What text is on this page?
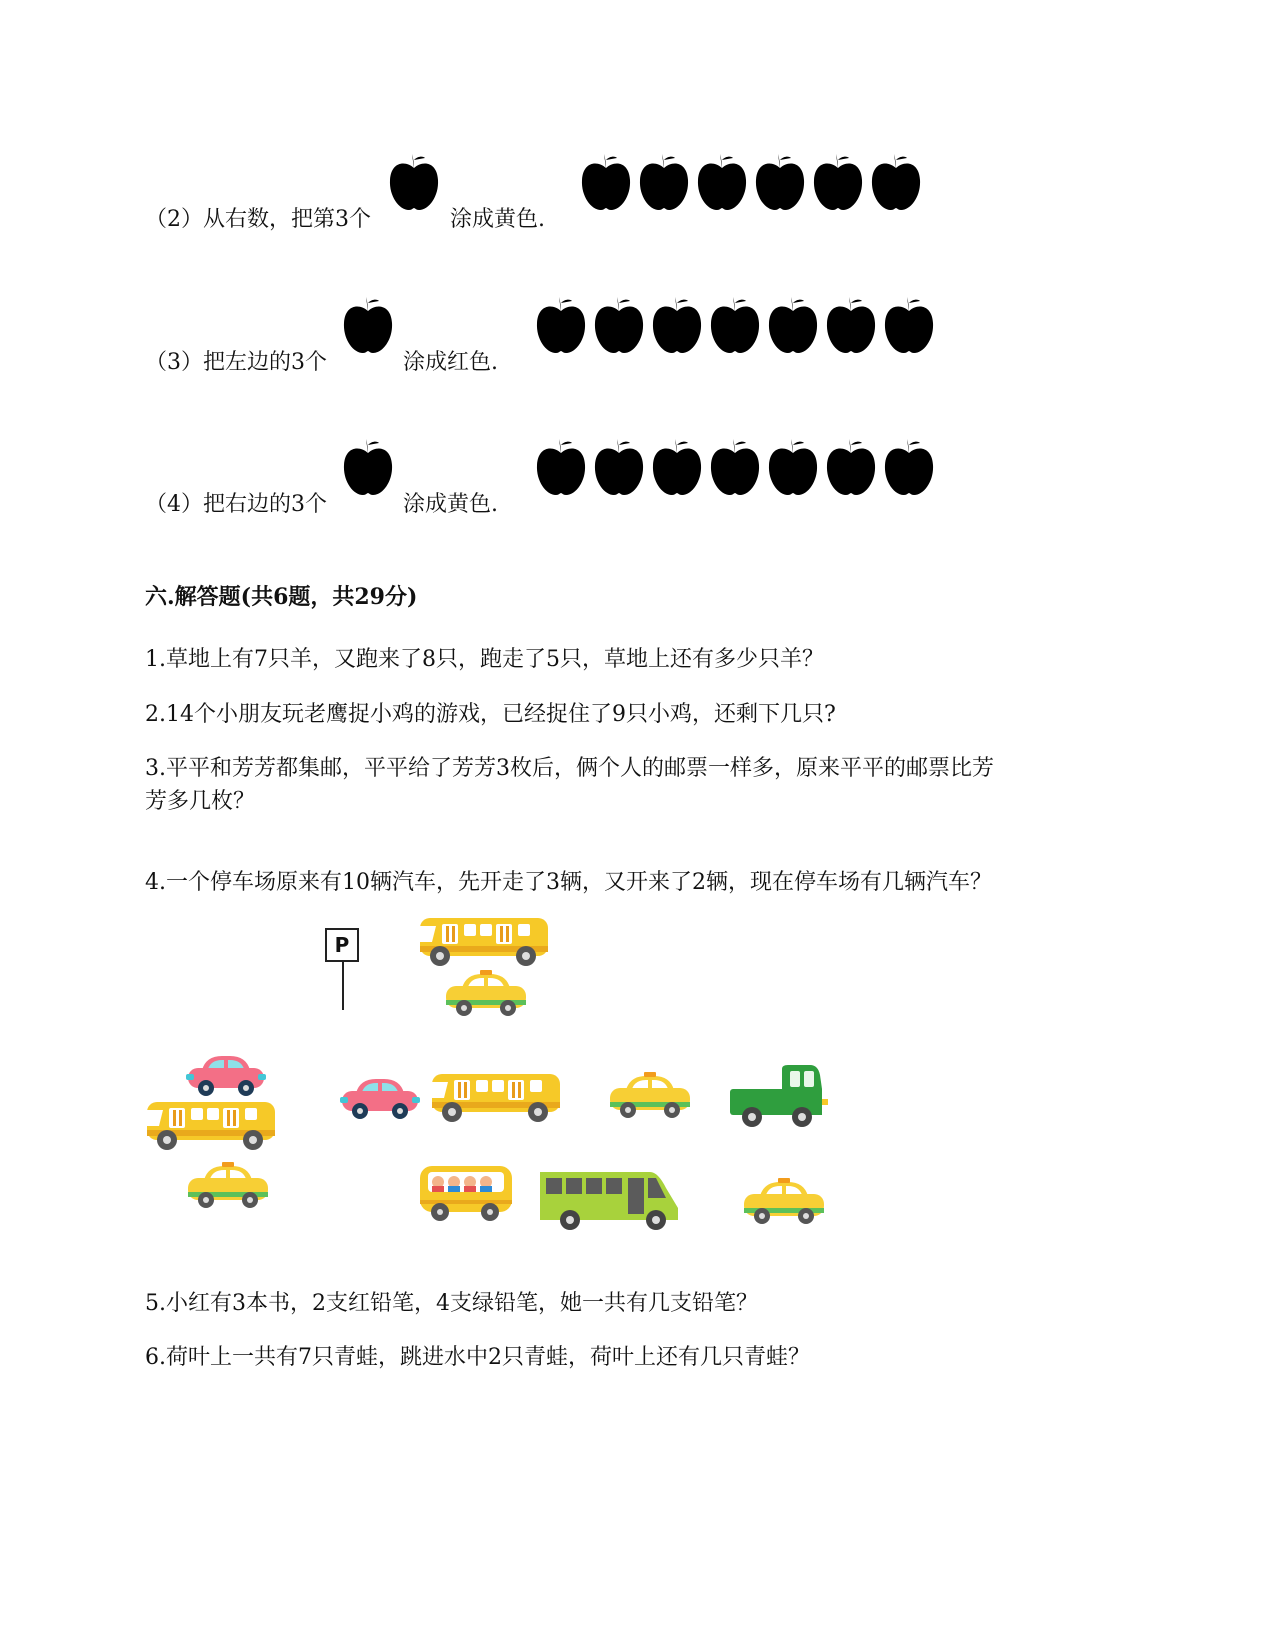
（2）从右数，把第3个	涂成黄色.
（3）把左边的3个	涂成红色.
（4）把右边的3个	涂成黄色.
六.解答题(共6题，共29分)
1.草地上有7只羊，又跑来了8只，跑走了5只，草地上还有多少只羊？
2.14个小朋友玩老鹰捉小鸡的游戏，已经捉住了9只小鸡，还剩下几只?
3.平平和芳芳都集邮，平平给了芳芳3枚后，俩个人的邮票一样多，原来平平的邮票比芳
芳多几枚？
4.一个停车场原来有10辆汽车，先开走了3辆，又开来了2辆，现在停车场有几辆汽车？
P
5.小红有3本书，2支红铅笔，4支绿铅笔，她一共有几支铅笔？
6.荷叶上一共有7只青蛙，跳进水中2只青蛙，荷叶上还有几只青蛙？
